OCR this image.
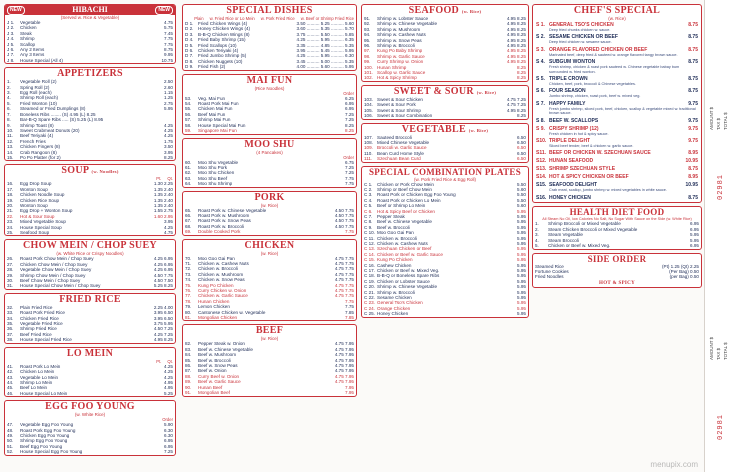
NEW	HIBACHI	NEW
(Served w. Rice & Vegetable)
J 1.	Vegetable	4.75
J 2.	Chicken	5.75
J 3.	Steak	7.45
J 4.	Shrimp	7.75
J 5.	Scallop	7.75
J 6.	Any 2 Items	8.75
J 7.	Any 3 Items	9.95
J 8.	House Special (All 4)	10.75
APPETIZERS
1.	Vegetable Roll (2)	2.50
2.	Spring Roll (2)	2.60
3.	Egg Roll (each)	1.15
4.	Shrimp Roll (each)	1.25
5.	Fried Wonton (10)	2.75
6.	Steamed or Fried Dumplings (8)	5.95
7.	Boneless Ribs ........ (S) 4.95 (L) 8.25
8.	Bar-B-Q Spare Ribs ..... (S) 5.25 (L) 8.95
9.	Shrimp Toast (8)	4.25
10.	Sweet Crabmeat Donuts (20)	4.25
11.	Beef Teriyaki (4)	4.25
12.	French Fries	1.75
13.	Chicken Fingers (8)	3.50
14.	Crab Rangoon (8)	3.95
15.	Po Po Platter (for 2)	8.25
SOUP (w. Noodles)
Pt. Qt.
16.	Egg Drop Soup	1.30 2.25
17.	Wonton Soup	1.35 2.40
18.	Chicken Noodle Soup	1.35 2.40
19.	Chicken Rice Soup	1.35 2.40
20.	Wonton Soup	1.35 2.40
21.	Egg Drop + Wonton Soup	1.55 2.75
22.	Hot & Sour Soup	1.60 2.95
23.	Mixed Vegetable Soup	3.95
24.	House Special Soup	4.25
25.	Seafood Soup	4.75
CHOW MEIN / CHOP SUEY
(w. White Rice or Crispy Noodles)
26.	Roast Pork Chow Mein / Chop Suey	4.25 6.95
27.	Chicken Chow Mein / Chop Suey	4.25 6.95
28.	Vegetable Chow Mein / Chop Suey	4.25 6.95
29.	Shrimp Chow Mein / Chop Suey	4.50 7.75
30.	Beef Chow Mein / Chop Suey	4.50 7.50
31.	House Special Chow Mein / Chop Suey	5.25 8.25
FRIED RICE
32.	Plain Fried Rice	2.25 4.00
33.	Roast Pork Fried Rice	3.95 6.50
34.	Chicken Fried Rice	3.95 6.50
35.	Vegetable Fried Rice	3.75 5.95
36.	Shrimp Fried Rice	4.50 7.25
37.	Beef Fried Rice	4.25 7.25
38.	House Special Fried Rice	4.95 8.25
LO MEIN
Pt. Qt.
41.	Roast Pork Lo Mein	4.25
42.	Chicken Lo Mein	4.25
43.	Vegetable Lo Mein	4.25
44.	Shrimp Lo Mein	4.95
45.	Beef Lo Mein	4.95
46.	House Special Lo Mein	5.25
EGG FOO YOUNG
(w. White Rice)
Order
47.	Vegetable Egg Foo Young	5.90
48.	Roast Pork Egg Foo Young	6.30
49.	Chicken Egg Foo Young	6.30
50.	Shrimp Egg Foo Young	6.95
51.	Beef Egg Foo Young	6.95
52.	House Special Egg Foo Young	7.25
SPECIAL DISHES
Plain w. Fried Rice or Lo Mein w. Pork Fried Rice w. Beef or Shrimp Fried Rice
D 1. Fried Chicken Wings (4)	3.50 .......... 5.25 .......... 5.60
D 2. Honey Chicken Wings (4)	3.60 .......... 5.35 .......... 5.70
D 3. B-B-Q Chicken Wings (8)	3.75 .......... 5.50 .......... 5.85
D 4. Fried Baby Shrimp (15)	4.25 .......... 5.95 .......... 6.35
D 5. Fried Scallops (10)	3.35 .......... 4.85 .......... 5.35
D 6. Chicken Teriyaki (4)	3.95 .......... 5.45 .......... 5.95
D 7. Fried Jumbo Shrimp (5)	4.25 .......... 5.95 .......... 6.30
D 8. Chicken Nuggets (10)	3.45 .......... 5.00 .......... 5.35
D 9. Fried Fish (2)	4.00 .......... 5.60 .......... 5.95
MAI FUN
(Rice Noodles)
Order
53.	Veg. Mai Fun	6.25
54.	Roast Pork Mai Fun	6.95
55.	Chicken Mai Fun	6.95
56.	Beef Mai Fun	7.25
57.	Shrimp Mai Fun	7.25
58.	House Special Mai Fun	8.25
59.	Singapore Mai Fun	8.25
MOO SHU
(4 Pancakes)
Order
60.	Moo Shu Vegetable	6.75
61.	Moo Shu Pork	7.25
62.	Moo Shu Chicken	7.25
63.	Moo Shu Beef	7.75
64.	Moo Shu Shrimp	7.75
PORK
(w. Rice)
65.	Roast Pork w. Chinese Vegetable	4.50 7.75
66.	Roast Pork w. Mushroom	4.50 7.75
67.	Roast Pork w. Snow Peas	4.50 7.75
68.	Roast Pork w. Broccoli	4.50 7.75
69.	Double Cooked Pork	7.75
CHICKEN
(w. Rice)
70.	Moo Goo Gai Pan	4.75 7.75
71.	Chicken w. Cashew Nuts	4.75 7.75
72.	Chicken w. Broccoli	4.75 7.75
73.	Chicken w. Mushroom	4.75 7.75
74.	Chicken w. Snow Peas	4.75 7.75
75.	Kung Po Chicken	4.75 7.75
76.	Curry Chicken w. Onion	4.75 7.75
77.	Chicken w. Garlic Sauce	4.75 7.75
78.	Hunan Chicken	7.75
79.	Lemon Chicken	7.75
80.	Cantonese Chicken w. Vegetable	7.85
81.	Mongolian Chicken	7.85
BEEF
(w. Rice)
82.	Pepper Steak w. Onion	4.75 7.95
83.	Beef w. Chinese Vegetable	4.75 7.95
84.	Beef w. Mushroom	4.75 7.95
85.	Beef w. Broccoli	4.75 7.95
86.	Beef w. Snow Peas	4.75 7.95
87.	Beef w. Onion	4.75 7.95
88.	Curry Beef w. Onion	4.75 7.95
89.	Beef w. Garlic Sauce	4.75 7.95
90.	Hunan Beef	7.95
91.	Mongolian Beef	7.95
SEAFOOD (w. Rice)
91.	Shrimp w. Lobster Sauce	4.95 8.25
92.	Shrimp w. Chinese Vegetable	4.95 8.25
93.	Shrimp w. Mushroom	4.95 8.25
94.	Shrimp w. Cashew Nuts	4.95 8.25
95.	Shrimp w. Snow Peas	4.95 8.25
96.	Shrimp w. Broccoli	4.95 8.25
97.	Kung Po Baby Shrimp	4.95 8.25
98.	Shrimp w. Garlic Sauce	4.95 8.25
99.	Curry Shrimp w. Onion	4.95 8.25
100. Hunan Shrimp	8.25
101. Scallop w. Garlic Sauce	8.25
102. Hot & Spicy Shrimp	8.25
SWEET & SOUR (w. Rice)
103. Sweet & Sour Chicken	4.75 7.25
104. Sweet & Sour Pork	4.75 7.25
105. Sweet & Sour Shrimp	4.95 8.25
106. Sweet & Sour Combination	8.25
VEGETABLE (w. Rice)
107. Sauteed Broccoli	6.50
108. Mixed Chinese Vegetable	6.50
109. Broccoli w. Garlic Sauce	6.50
110. Bean Curd Home Style	6.50
111.	Szechuan Bean Curd	6.50
SPECIAL COMBINATION PLATES
(w. Pork Fried Rice & Egg Roll)
C 1. Chicken or Pork Chow Mein	5.50
C 2. Shrimp or Beef Chow Mein	5.60
C 3. Roast Pork or Chicken Egg Foo Young	5.50
C 4. Roast Pork or Chicken Lo Mein	5.50
C 5. Beef or Shrimp Lo Mein	5.60
C 6. Hot & Spicy Beef or Chicken	5.95
C 7. Pepper Steak	5.95
C 8. Beef w. Chinese Vegetable	5.95
C 9. Beef w. Broccoli	5.95
C 10. Moo Goo Gai Pan	5.95
C 11. Chicken w. Broccoli	5.95
C 12. Chicken w. Cashew Nuts	5.95
C 13. Szechuan Chicken or Beef	5.95
C 14. Chicken or Beef w. Garlic Sauce	5.95
C 15. Kung Po Chicken	5.95
C 16. Cashew Chicken	5.95
C 17. Chicken or Beef w. Mixed Veg.	5.95
C 18. B-B-Q or Boneless Spare Ribs	5.95
C 19. Chicken or Lobster Sauce	5.95
C 20. Shrimp w. Chinese Vegetable	5.95
C 21. Shrimp w. Broccoli	5.95
C 22. Sesame Chicken	5.95
C 23. General Tso's Chicken	5.95
C 24. Orange Chicken	5.95
C 25. Honey Chicken	5.95
CHEF'S SPECIAL
(w. Rice)
S 1. GENERAL TSO'S CHICKEN	8.75
Deep fried chunks chicken w. sauce.
S 2. SESAME CHICKEN OR BEEF	8.75
Deep fried chicken w. sesame sauce.
S 3. ORANGE FLAVORED CHICKEN OR BEEF	8.75
Marinated beef, deep fried & sauteed w. orange flavored tangy brown sauce.
S 4. SUBGUM WONTON	8.75
Fresh shrimp, chicken & roast pork sauteed w. Chinese vegetable babay bum surrounded w. fried wonton.
S 5. TRIPLE CROWN	8.75
Chicken, beef, pork, broccoli & Chinese vegetables.
S 6. FOUR SEASON	8.75
Jumbo shrimp, chicken, roast pork, beef w. mixed veg.
S 7. HAPPY FAMILY	9.75
Fresh jumbo shrimp, sliced pork, beef, chicken, scallop & vegetable mixed w. traditional brown sauce.
S 8. BEEF W. SCALLOPS	9.75
S 9. CRISPY SHRIMP (12)	9.75
Fresh chicken in hot & spicy sauce.
S10. TRIPLE DELIGHT	9.75
Sliced beef tender, beef & chicken w. garlic sauce.
S11. BEEF OR CHICKEN W. SZECHUAN SAUCE	8.95
S12. HUNAN SEAFOOD	10.95
S13. SHRIMP SZECHUAN STYLE	8.75
S14. HOT & SPICY CHICKEN OR BEEF	8.95
S15. SEAFOOD DELIGHT	10.95
Crab meat, scallop, jumbo shrimp w. mixed vegetables in white sauce.
S16. HONEY CHICKEN	8.75
HEALTH DIET FOOD
All Steam No Oil, low Calories No Salt, No Sugar With Sauce on the Side (w. White Rice)
1.	Shrimp Broccoli or Mixed Vegetable	6.95
2.	Steam Chicken Broccoli or Mixed Vegetable	6.95
3.	Steam Vegetable	5.95
4.	Steam Broccoli	5.95
5.	Chicken or Beef w. Mixed Veg.	6.95
SIDE ORDER
Steamed Rice	(Pt) 1.25 (Qt) 2.25
Fortune Cookies	(Per Bag) 0.50
Fried Noodles	(per Bag) 0.50
HOT & SPICY
AMOUNT $ TAX $ TOTAL $
02981
AMOUNT $ TAX $ TOTAL $
02981
menupix.com
